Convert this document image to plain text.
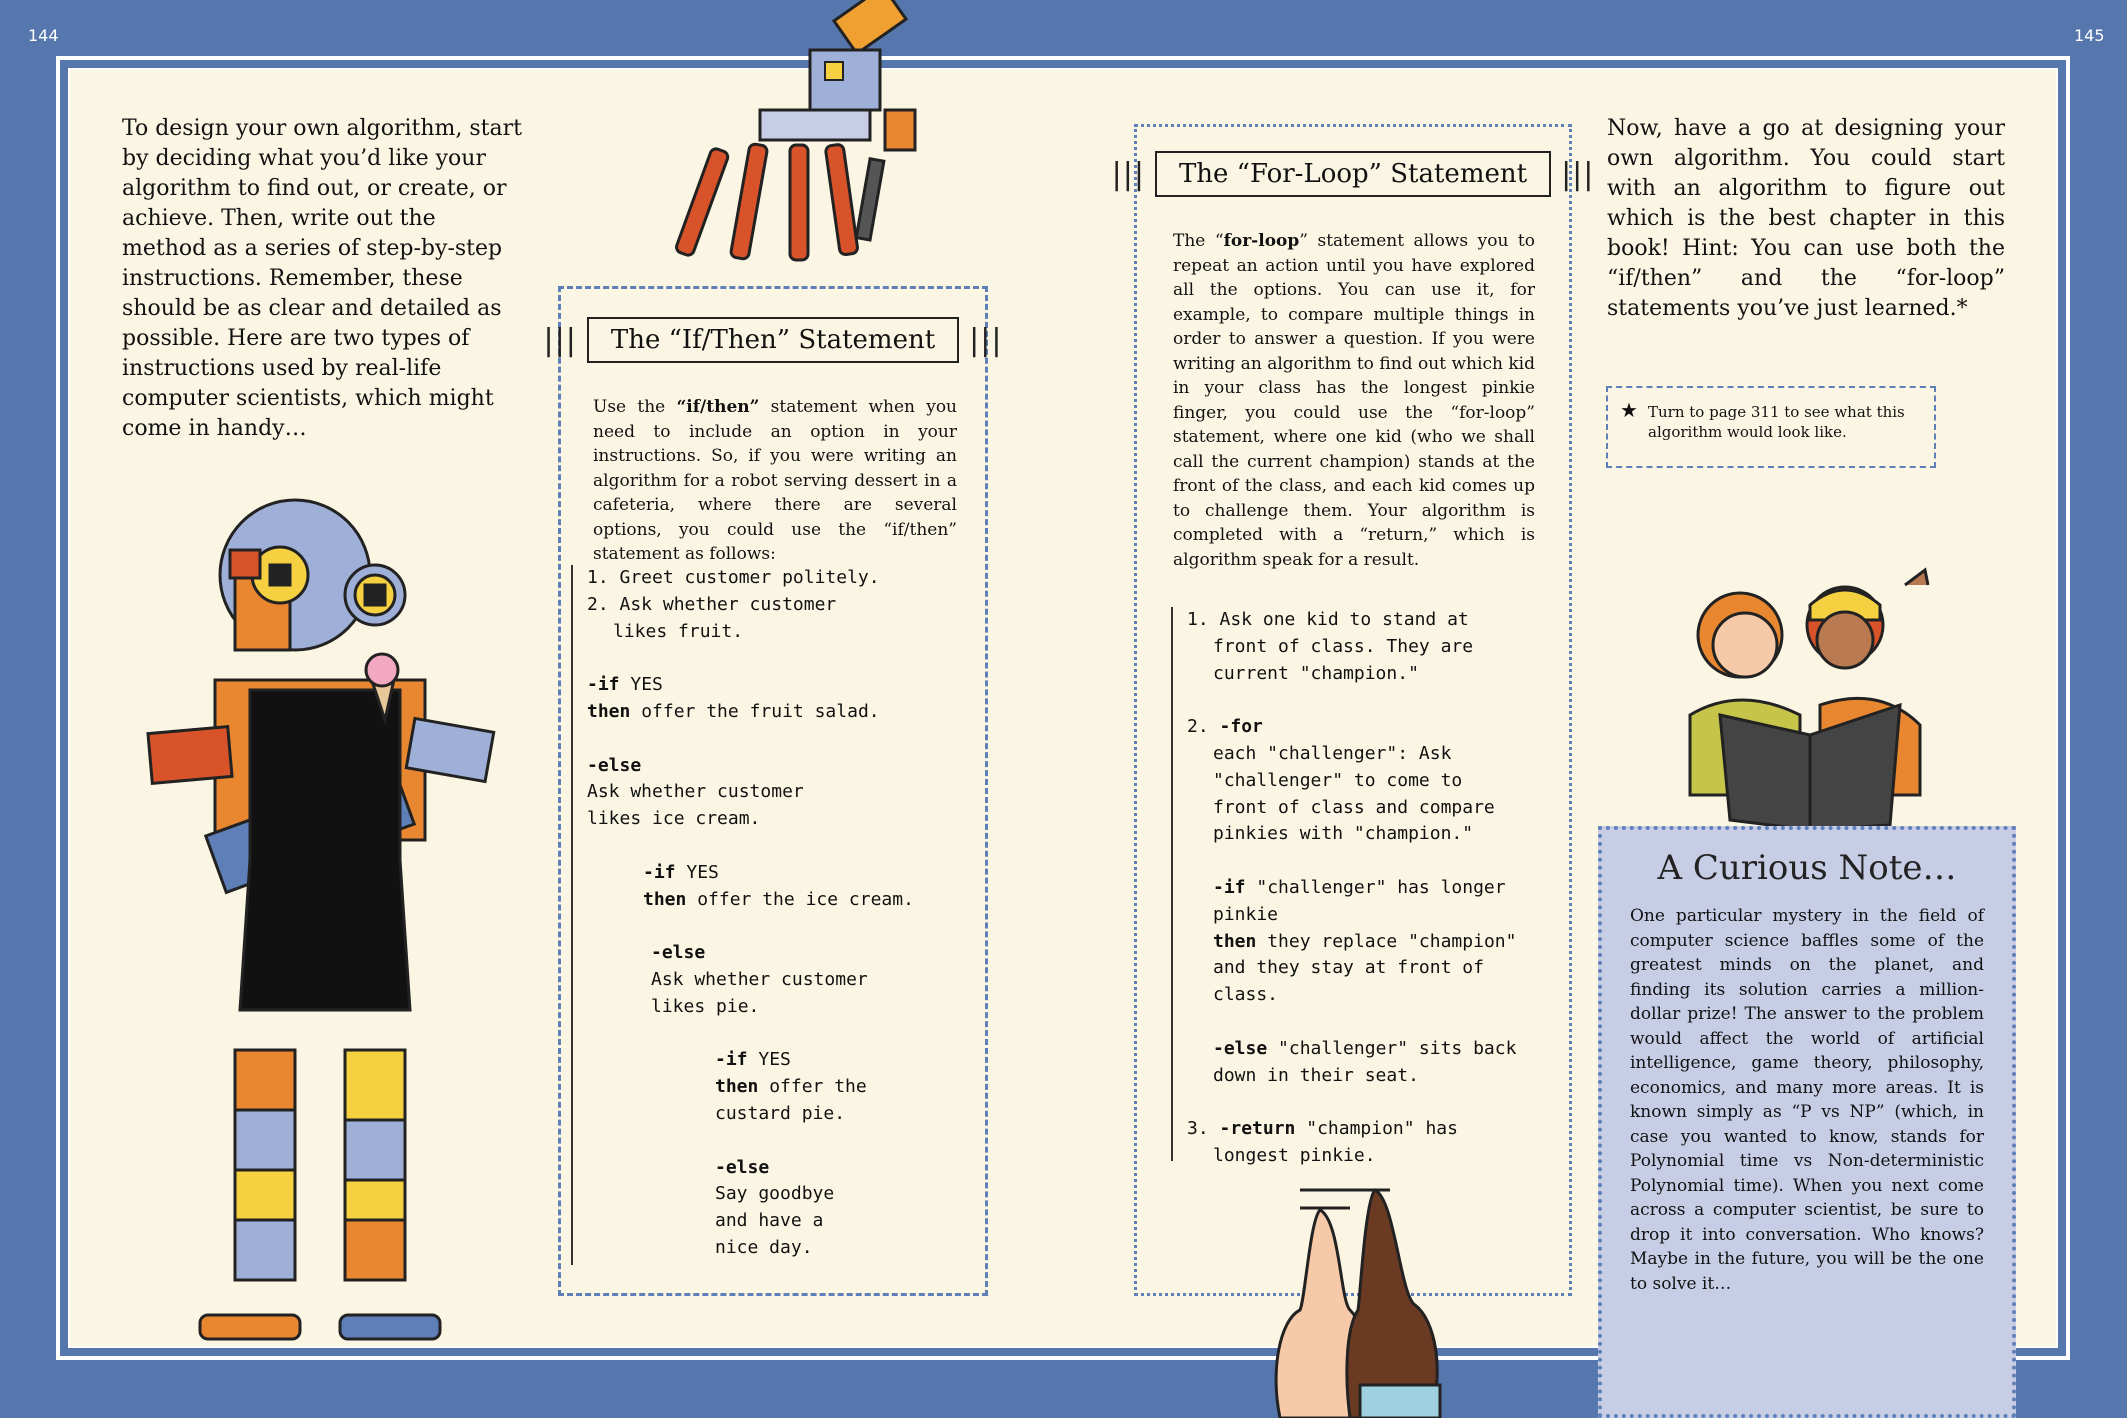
144	145
To design your own algorithm, start by deciding what you’d like your algorithm to find out, or create, or achieve. Then, write out the method as a series of step-by-step instructions. Remember, these should be as clear and detailed as possible. Here are two types of instructions used by real-life computer scientists, which might come in handy…
|||	The “If/Then” Statement	|||
Use the “if/then” statement when you need to include an option in your instructions. So, if you were writing an algorithm for a robot serving dessert in a cafeteria, where there are several options, you could use the “if/then” statement as follows:
1. Greet customer politely.
2. Ask whether customer
likes fruit.

-if YES
then offer the fruit salad.

-else
Ask whether customer
likes ice cream.

-if YES
then offer the ice cream.

-else
Ask whether customer
likes pie.

-if YES
then offer the
custard pie.

-else
Say goodbye
and have a
nice day.
|||	The “For-Loop” Statement	|||
The “for-loop” statement allows you to repeat an action until you have explored all the options. You can use it, for example, to compare multiple things in order to answer a question. If you were writing an algorithm to find out which kid in your class has the longest pinkie finger, you could use the “for-loop” statement, where one kid (who we shall call the current champion) stands at the front of the class, and each kid comes up to challenge them. Your algorithm is completed with a “return,” which is algorithm speak for a result.
1. Ask one kid to stand at
front of class. They are
current "champion."

2. -for
each "challenger": Ask
"challenger" to come to
front of class and compare
pinkies with "champion."

-if "challenger" has longer
pinkie
then they replace "champion"
and they stay at front of
class.

-else "challenger" sits back
down in their seat.

3. -return "champion" has
longest pinkie.
Now, have a go at designing your own algorithm. You could start with an algorithm to figure out which is the best chapter in this book! Hint: You can use both the “if/then” and the “for-loop” statements you’ve just learned.*
★ Turn to page 311 to see what this algorithm would look like.
A Curious Note…

One particular mystery in the field of computer science baffles some of the greatest minds on the planet, and finding its solution carries a million-dollar prize! The answer to the problem would affect the world of artificial intelligence, game theory, philosophy, economics, and many more areas. It is known simply as “P vs NP” (which, in case you wanted to know, stands for Polynomial time vs Non-deterministic Polynomial time). When you next come across a computer scientist, be sure to drop it into conversation. Who knows? Maybe in the future, you will be the one to solve it…
